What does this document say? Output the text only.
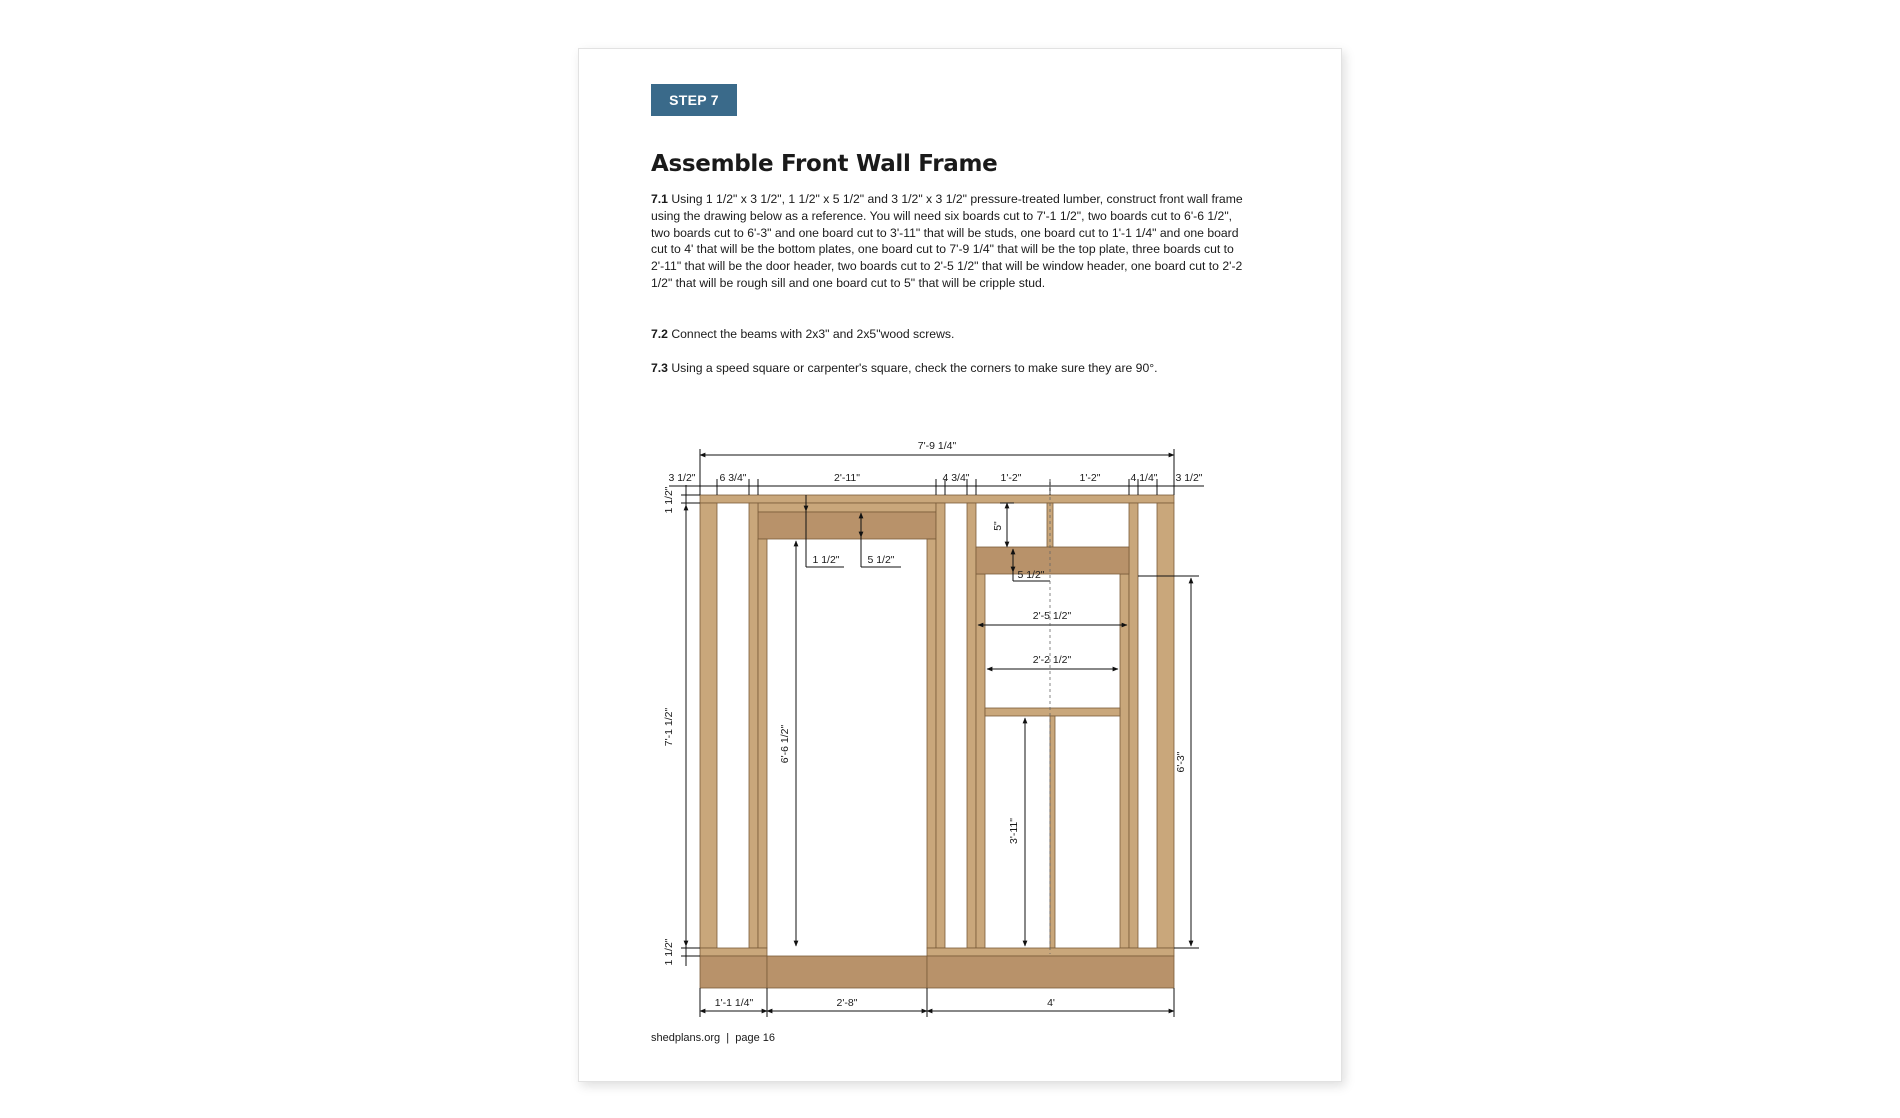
STEP 7
Assemble Front Wall Frame

7.1 Using 1 1/2" x 3 1/2", 1 1/2" x 5 1/2" and 3 1/2" x 3 1/2" pressure-treated lumber, construct front wall frame using the drawing below as a reference. You will need six boards cut to 7'-1 1/2", two boards cut to 6'-6 1/2", two boards cut to 6'-3" and one board cut to 3'-11" that will be studs, one board cut to 1'-1 1/4" and one board cut to 4' that will be the bottom plates, one board cut to 7'-9 1/4" that will be the top plate, three boards cut to 2'-11" that will be the door header, two boards cut to 2'-5 1/2" that will be window header, one board cut to 2'-2 1/2" that will be rough sill and one board cut to 5" that will be cripple stud.

7.2 Connect the beams with 2x3" and 2x5"wood screws.

7.3 Using a speed square or carpenter's square, check the corners to make sure they are 90°.

7'-9 1/4"
3 1/2" 6 3/4"	2'-11"	4 3/4"	1'-2"	1'-2"	4 1/4" 3 1/2"
1 1/2"
7'-1 1/2"
1 1/2"
1 1/2"	5 1/2"
6'-6 1/2"
5"
5 1/2"
2'-5 1/2"
2'-2 1/2"
3'-11"
6'-3"
1'-1 1/4"	2'-8"	4'
shedplans.org | page 16
